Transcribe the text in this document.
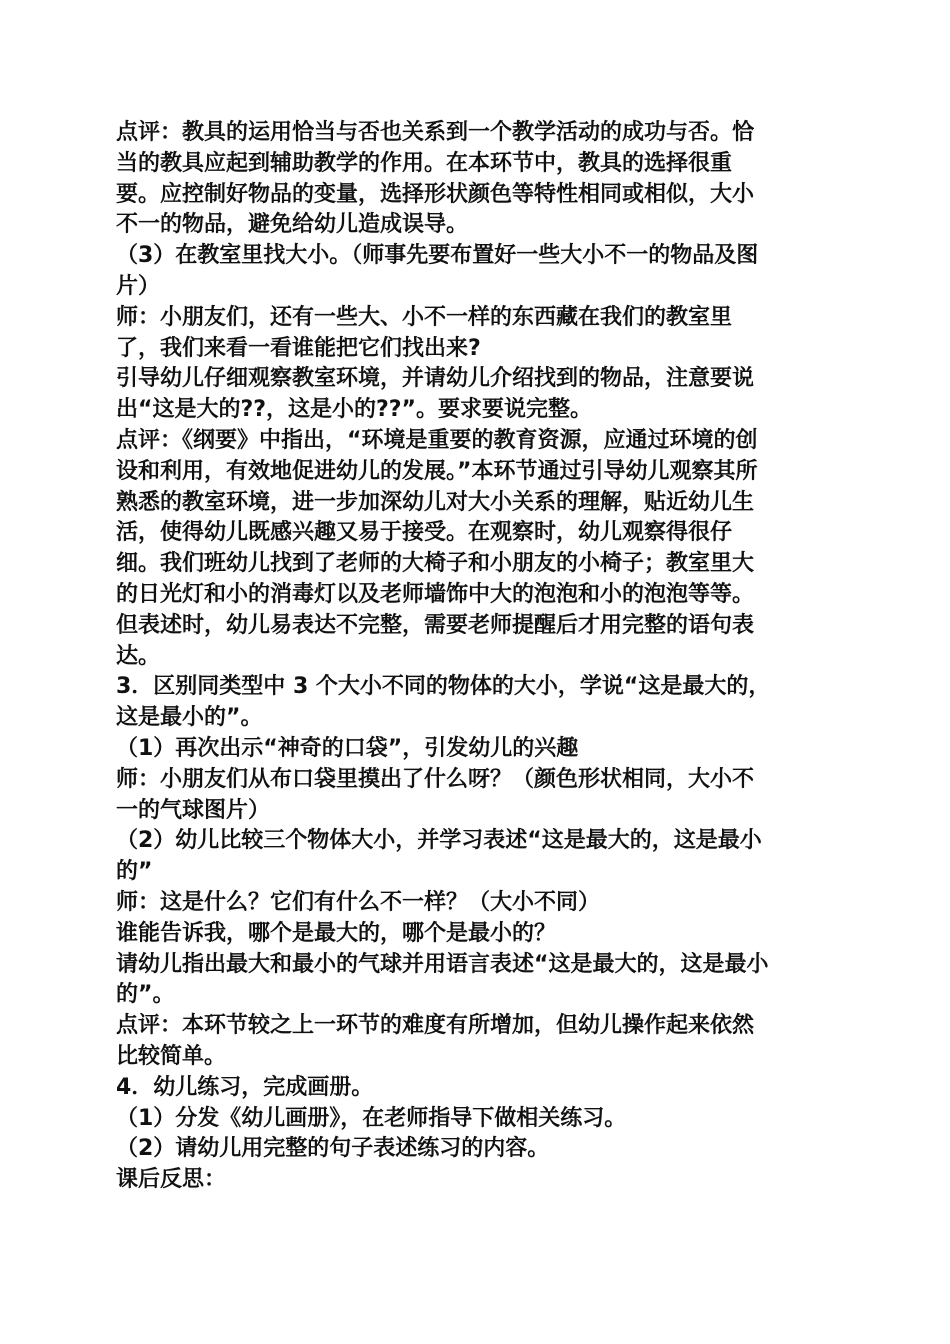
点评：教具的运用恰当与否也关系到一个教学活动的成功与否。恰
当的教具应起到辅助教学的作用。在本环节中，教具的选择很重
要。应控制好物品的变量，选择形状颜色等特性相同或相似，大小
不一的物品，避免给幼儿造成误导。
（3）在教室里找大小。（师事先要布置好一些大小不一的物品及图
片）
师：小朋友们，还有一些大、小不一样的东西藏在我们的教室里
了，我们来看一看谁能把它们找出来?
引导幼儿仔细观察教室环境，并请幼儿介绍找到的物品，注意要说
出“这是大的??，这是小的??”。要求要说完整。
点评：《纲要》中指出，“环境是重要的教育资源，应通过环境的创
设和利用，有效地促进幼儿的发展。”本环节通过引导幼儿观察其所
熟悉的教室环境，进一步加深幼儿对大小关系的理解，贴近幼儿生
活，使得幼儿既感兴趣又易于接受。在观察时，幼儿观察得很仔
细。我们班幼儿找到了老师的大椅子和小朋友的小椅子；教室里大
的日光灯和小的消毒灯以及老师墙饰中大的泡泡和小的泡泡等等。
但表述时，幼儿易表达不完整，需要老师提醒后才用完整的语句表
达。
3．区别同类型中 3 个大小不同的物体的大小，学说“这是最大的，
这是最小的”。
（1）再次出示“神奇的口袋”，引发幼儿的兴趣
师：小朋友们从布口袋里摸出了什么呀？（颜色形状相同，大小不
一的气球图片）
（2）幼儿比较三个物体大小，并学习表述“这是最大的，这是最小
的”
师：这是什么？它们有什么不一样？（大小不同）
谁能告诉我，哪个是最大的，哪个是最小的？
请幼儿指出最大和最小的气球并用语言表述“这是最大的，这是最小
的”。
点评：本环节较之上一环节的难度有所增加，但幼儿操作起来依然
比较简单。
4．幼儿练习，完成画册。
（1）分发《幼儿画册》，在老师指导下做相关练习。
（2）请幼儿用完整的句子表述练习的内容。
课后反思：
